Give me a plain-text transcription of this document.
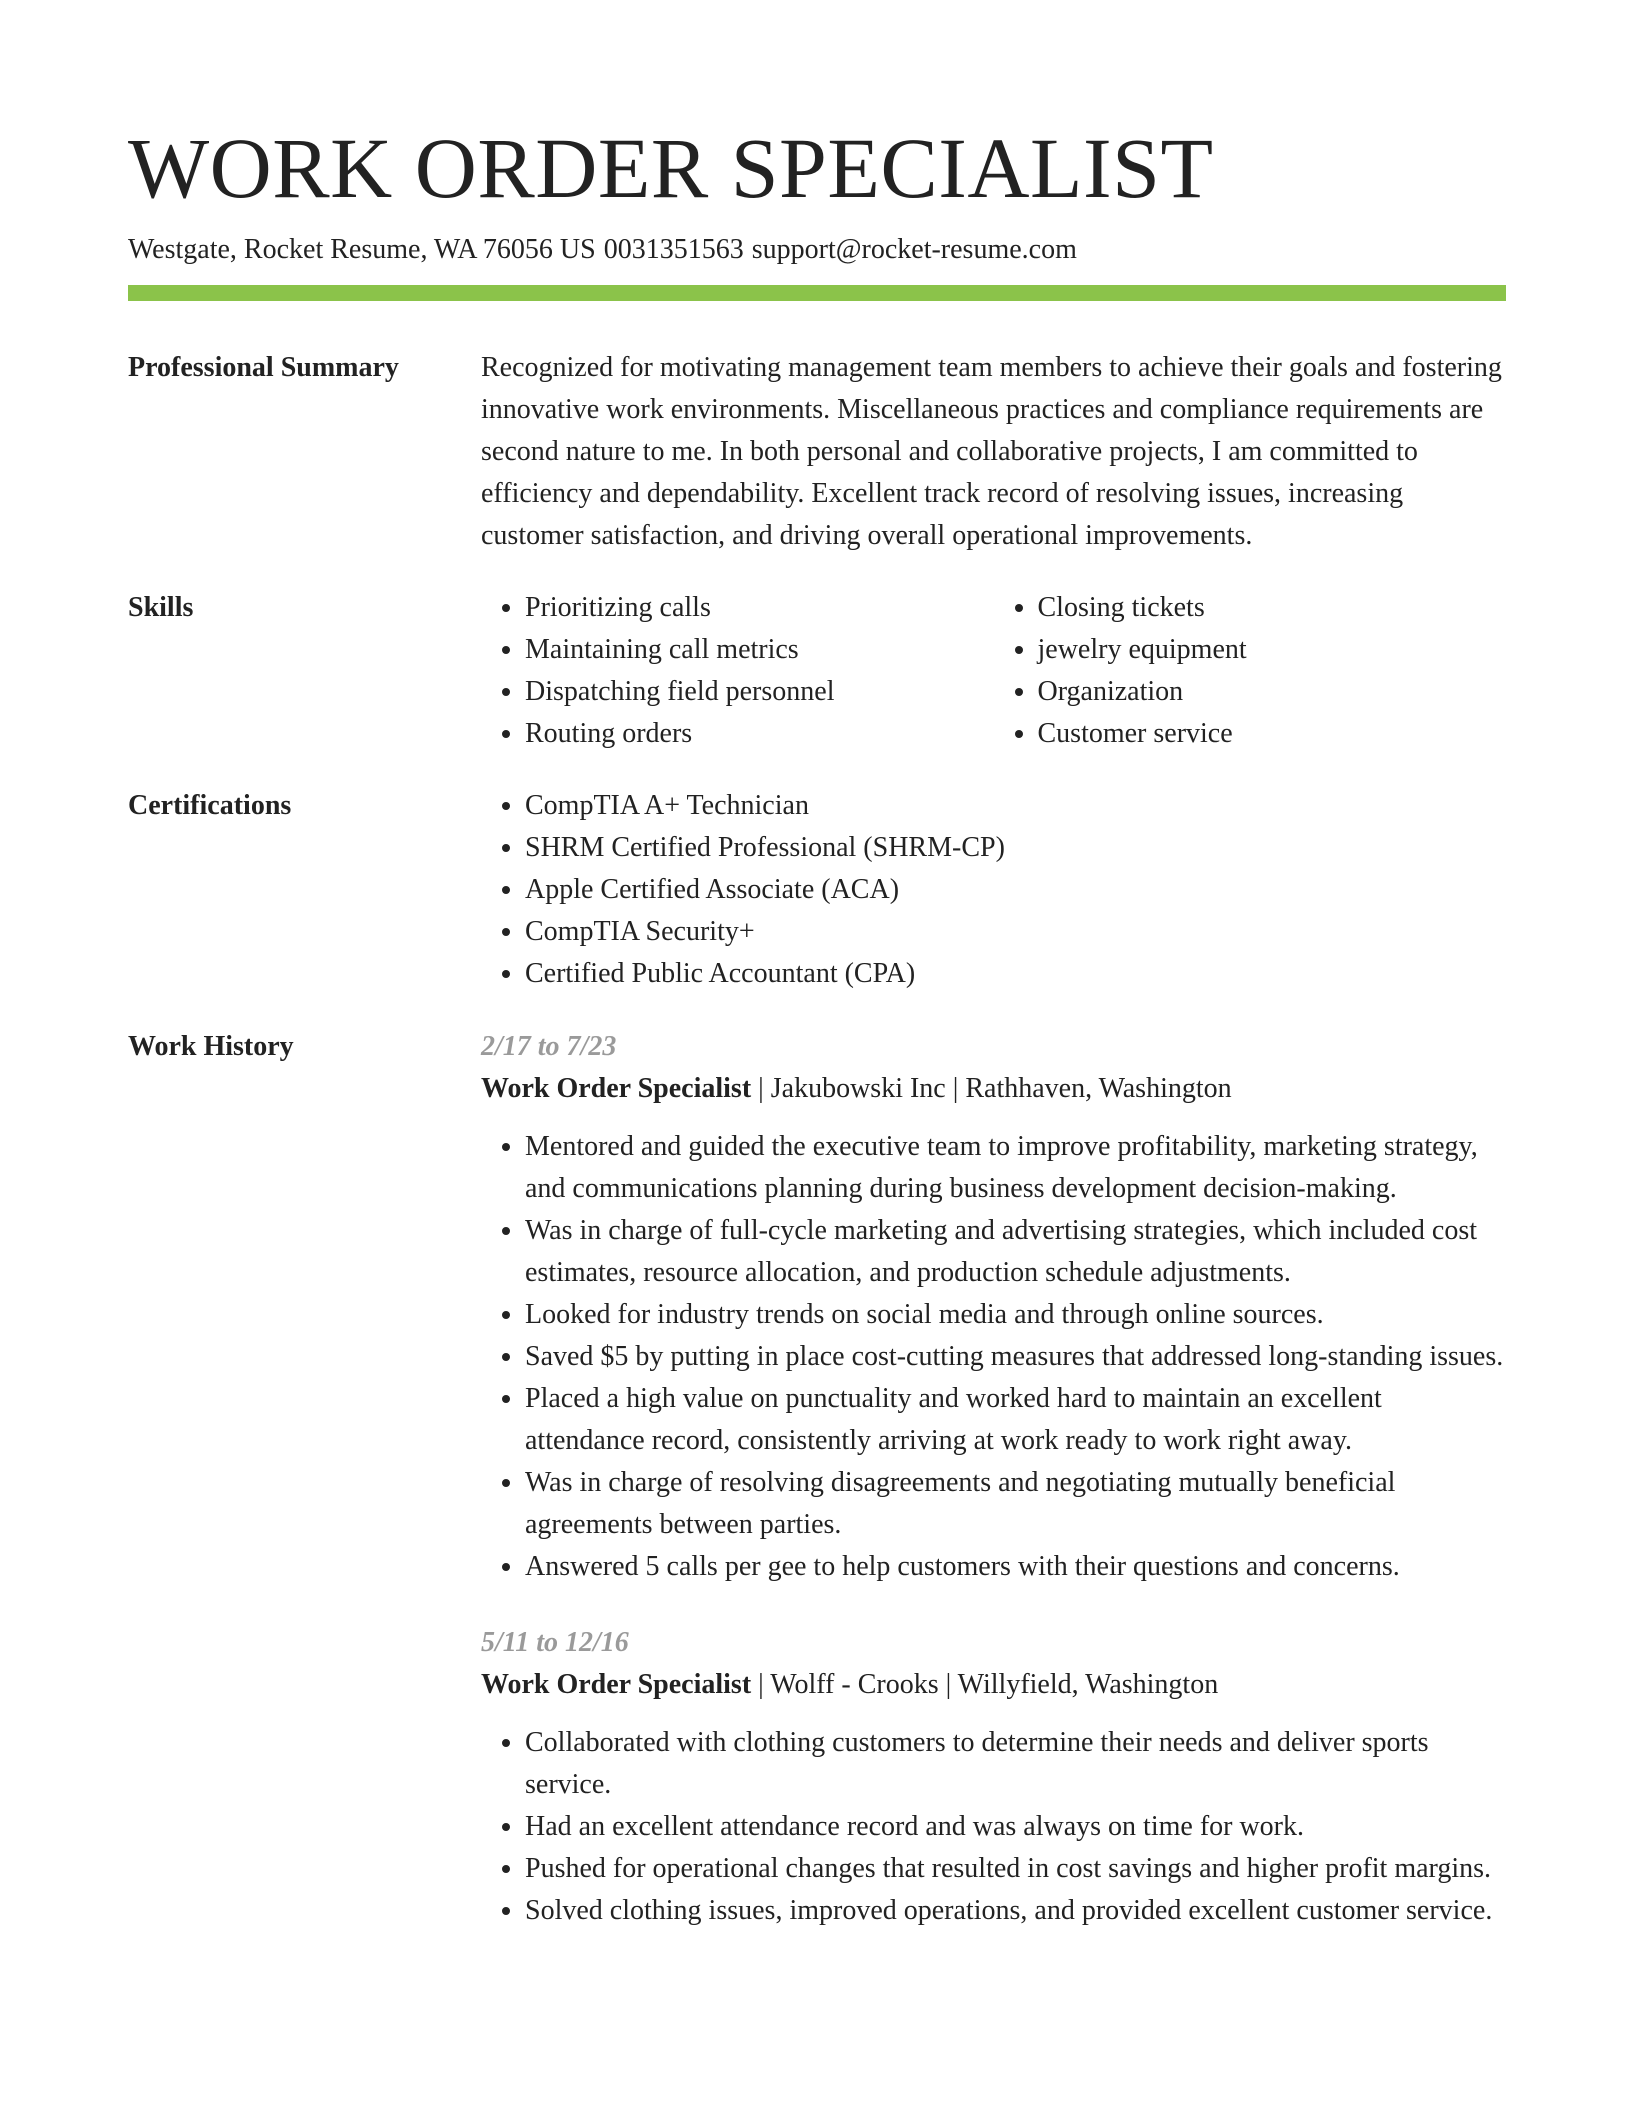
WORK ORDER SPECIALIST
Westgate, Rocket Resume, WA 76056 US 0031351563 support@rocket-resume.com
Professional Summary	Recognized for motivating management team members to achieve their goals and fostering innovative work environments. Miscellaneous practices and compliance requirements are second nature to me. In both personal and collaborative projects, I am committed to efficiency and dependability. Excellent track record of resolving issues, increasing customer satisfaction, and driving overall operational improvements.

Skills	• Prioritizing calls
• Maintaining call metrics
• Dispatching field personnel
• Routing orders
• Closing tickets
• jewelry equipment
• Organization
• Customer service
Certifications	• CompTIA A+ Technician
• SHRM Certified Professional (SHRM-CP)
• Apple Certified Associate (ACA)
• CompTIA Security+
• Certified Public Accountant (CPA)
Work History	2/17 to 7/23

Work Order Specialist | Jakubowski Inc | Rathhaven, Washington

• Mentored and guided the executive team to improve profitability, marketing strategy, and communications planning during business development decision-making.
• Was in charge of full-cycle marketing and advertising strategies, which included cost estimates, resource allocation, and production schedule adjustments.
• Looked for industry trends on social media and through online sources.
• Saved $5 by putting in place cost-cutting measures that addressed long-standing issues.
• Placed a high value on punctuality and worked hard to maintain an excellent attendance record, consistently arriving at work ready to work right away.
• Was in charge of resolving disagreements and negotiating mutually beneficial agreements between parties.
• Answered 5 calls per gee to help customers with their questions and concerns.

5/11 to 12/16

Work Order Specialist | Wolff - Crooks | Willyfield, Washington

• Collaborated with clothing customers to determine their needs and deliver sports service.
• Had an excellent attendance record and was always on time for work.
• Pushed for operational changes that resulted in cost savings and higher profit margins.
• Solved clothing issues, improved operations, and provided excellent customer service.
